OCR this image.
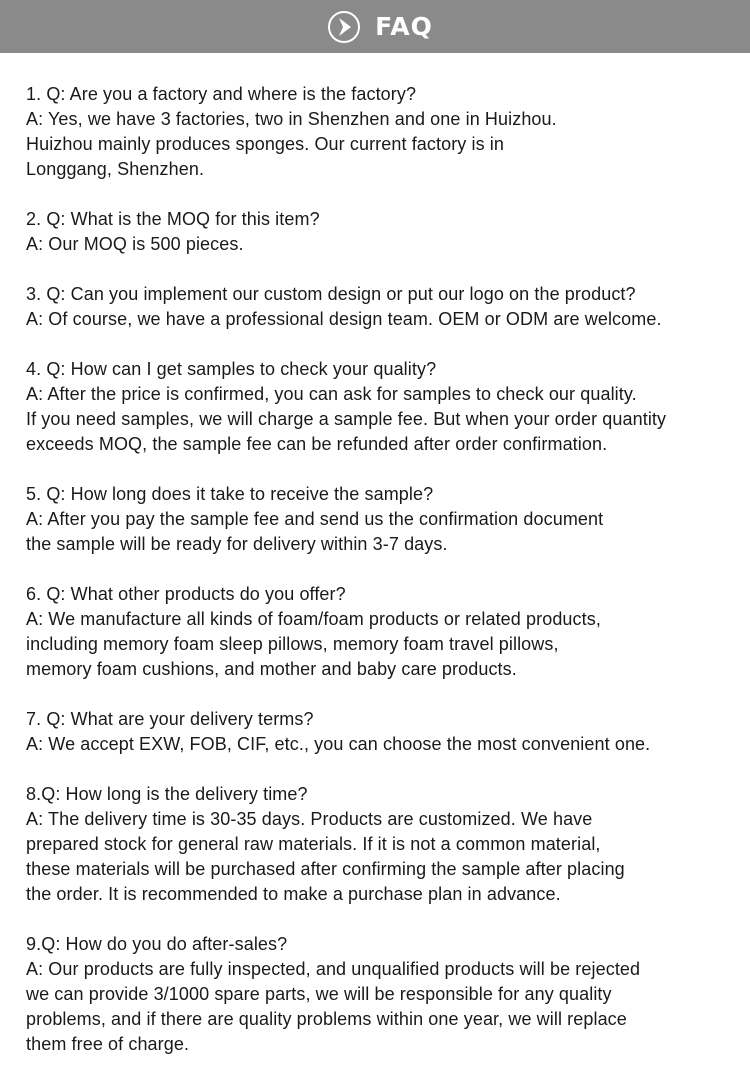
FAQ
1. Q: Are you a factory and where is the factory?
A: Yes, we have 3 factories, two in Shenzhen and one in Huizhou.
Huizhou mainly produces sponges. Our current factory is in
Longgang, Shenzhen.
2. Q: What is the MOQ for this item?
A: Our MOQ is 500 pieces.
3. Q: Can you implement our custom design or put our logo on the product?
A: Of course, we have a professional design team. OEM or ODM are welcome.
4. Q: How can I get samples to check your quality?
A: After the price is confirmed, you can ask for samples to check our quality.
If you need samples, we will charge a sample fee. But when your order quantity
exceeds MOQ, the sample fee can be refunded after order confirmation.
5. Q: How long does it take to receive the sample?
A: After you pay the sample fee and send us the confirmation document
the sample will be ready for delivery within 3-7 days.
6. Q: What other products do you offer?
A: We manufacture all kinds of foam/foam products or related products,
including memory foam sleep pillows, memory foam travel pillows,
memory foam cushions, and mother and baby care products.
7. Q: What are your delivery terms?
A: We accept EXW, FOB, CIF, etc., you can choose the most convenient one.
8.Q: How long is the delivery time?
A: The delivery time is 30-35 days. Products are customized. We have
prepared stock for general raw materials. If it is not a common material,
these materials will be purchased after confirming the sample after placing
the order. It is recommended to make a purchase plan in advance.
9.Q: How do you do after-sales?
A: Our products are fully inspected, and unqualified products will be rejected
we can provide 3/1000 spare parts, we will be responsible for any quality
problems, and if there are quality problems within one year, we will replace
them free of charge.
